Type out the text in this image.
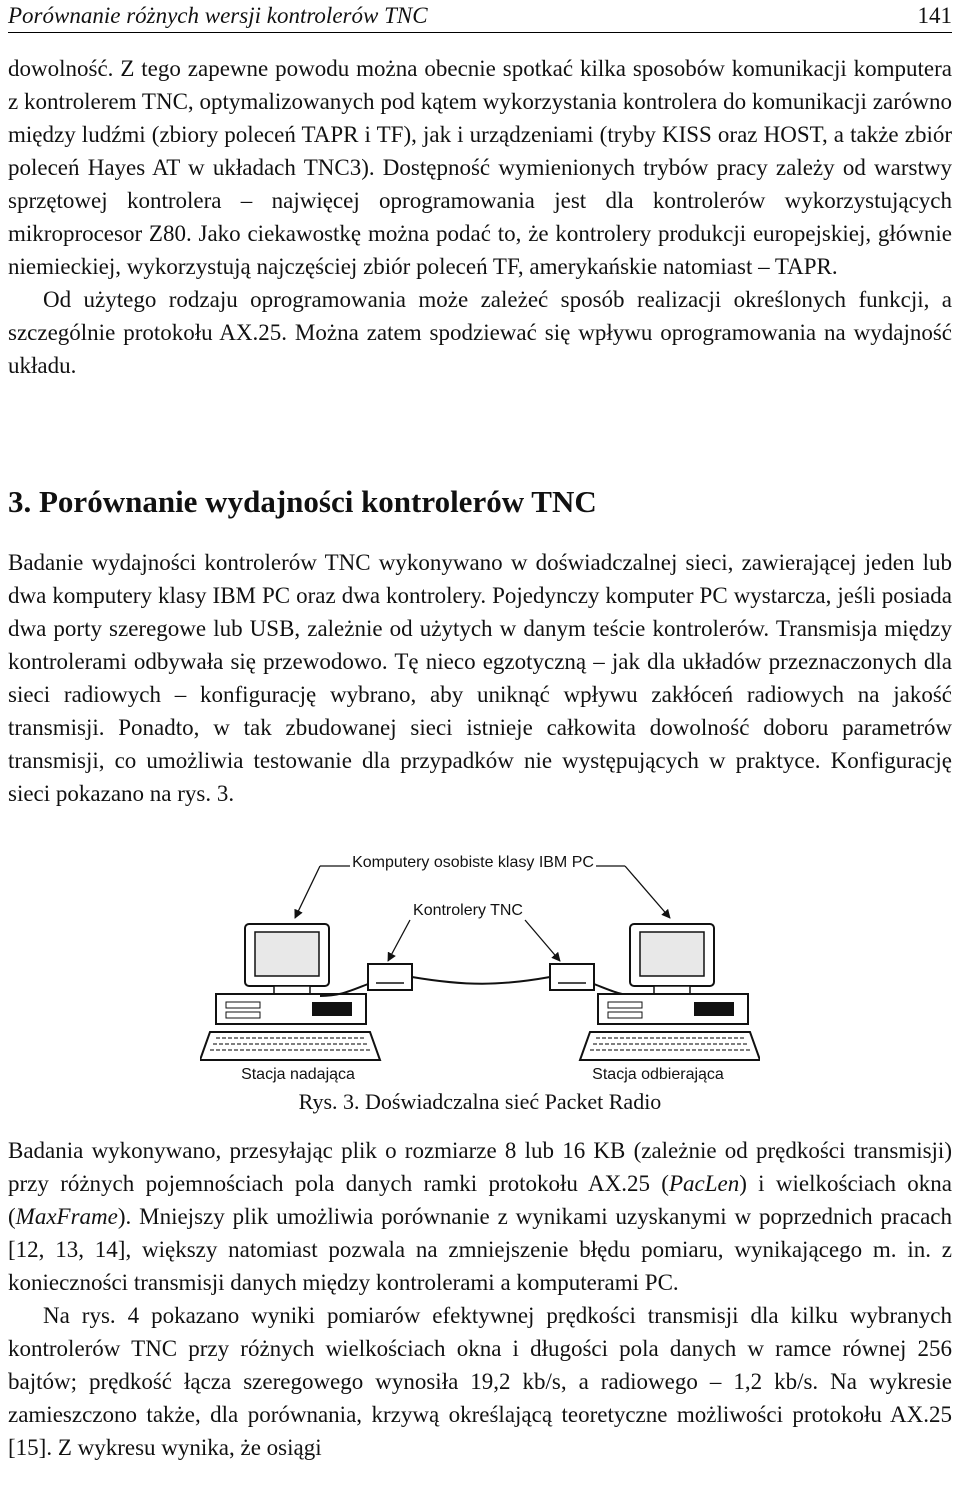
Porównanie różnych wersji kontrolerów TNC	141

dowolność. Z tego zapewne powodu można obecnie spotkać kilka sposobów komunikacji komputera z kontrolerem TNC, optymalizowanych pod kątem wykorzystania kontrolera do komunikacji zarówno między ludźmi (zbiory poleceń TAPR i TF), jak i urządzeniami (tryby KISS oraz HOST, a także zbiór poleceń Hayes AT w układach TNC3). Dostępność wymienionych trybów pracy zależy od warstwy sprzętowej kontrolera – najwięcej oprogramowania jest dla kontrolerów wykorzystujących mikroprocesor Z80. Jako ciekawostkę można podać to, że kontrolery produkcji europejskiej, głównie niemieckiej, wykorzystują najczęściej zbiór poleceń TF, amerykańskie natomiast – TAPR.

Od użytego rodzaju oprogramowania może zależeć sposób realizacji określonych funkcji, a szczególnie protokołu AX.25. Można zatem spodziewać się wpływu oprogramowania na wydajność układu.

3. Porównanie wydajności kontrolerów TNC

Badanie wydajności kontrolerów TNC wykonywano w doświadczalnej sieci, zawierającej jeden lub dwa komputery klasy IBM PC oraz dwa kontrolery. Pojedynczy komputer PC wystarcza, jeśli posiada dwa porty szeregowe lub USB, zależnie od użytych w danym teście kontrolerów. Transmisja między kontrolerami odbywała się przewodowo. Tę nieco egzotyczną – jak dla układów przeznaczonych dla sieci radiowych – konfigurację wybrano, aby uniknąć wpływu zakłóceń radiowych na jakość transmisji. Ponadto, w tak zbudowanej sieci istnieje całkowita dowolność doboru parametrów transmisji, co umożliwia testowanie dla przypadków nie występujących w praktyce. Konfigurację sieci pokazano na rys. 3.

Komputery osobiste klasy IBM PC
Kontrolery TNC
Stacja nadająca	Stacja odbierająca
Rys. 3. Doświadczalna sieć Packet Radio

Badania wykonywano, przesyłając plik o rozmiarze 8 lub 16 KB (zależnie od prędkości transmisji) przy różnych pojemnościach pola danych ramki protokołu AX.25 (PacLen) i wielkościach okna (MaxFrame). Mniejszy plik umożliwia porównanie z wynikami uzyskanymi w poprzednich pracach [12, 13, 14], większy natomiast pozwala na zmniejszenie błędu pomiaru, wynikającego m. in. z konieczności transmisji danych między kontrolerami a komputerami PC.

Na rys. 4 pokazano wyniki pomiarów efektywnej prędkości transmisji dla kilku wybranych kontrolerów TNC przy różnych wielkościach okna i długości pola danych w ramce równej 256 bajtów; prędkość łącza szeregowego wynosiła 19,2 kb/s, a radiowego – 1,2 kb/s. Na wykresie zamieszczono także, dla porównania, krzywą określającą teoretyczne możliwości protokołu AX.25 [15]. Z wykresu wynika, że osiągi
